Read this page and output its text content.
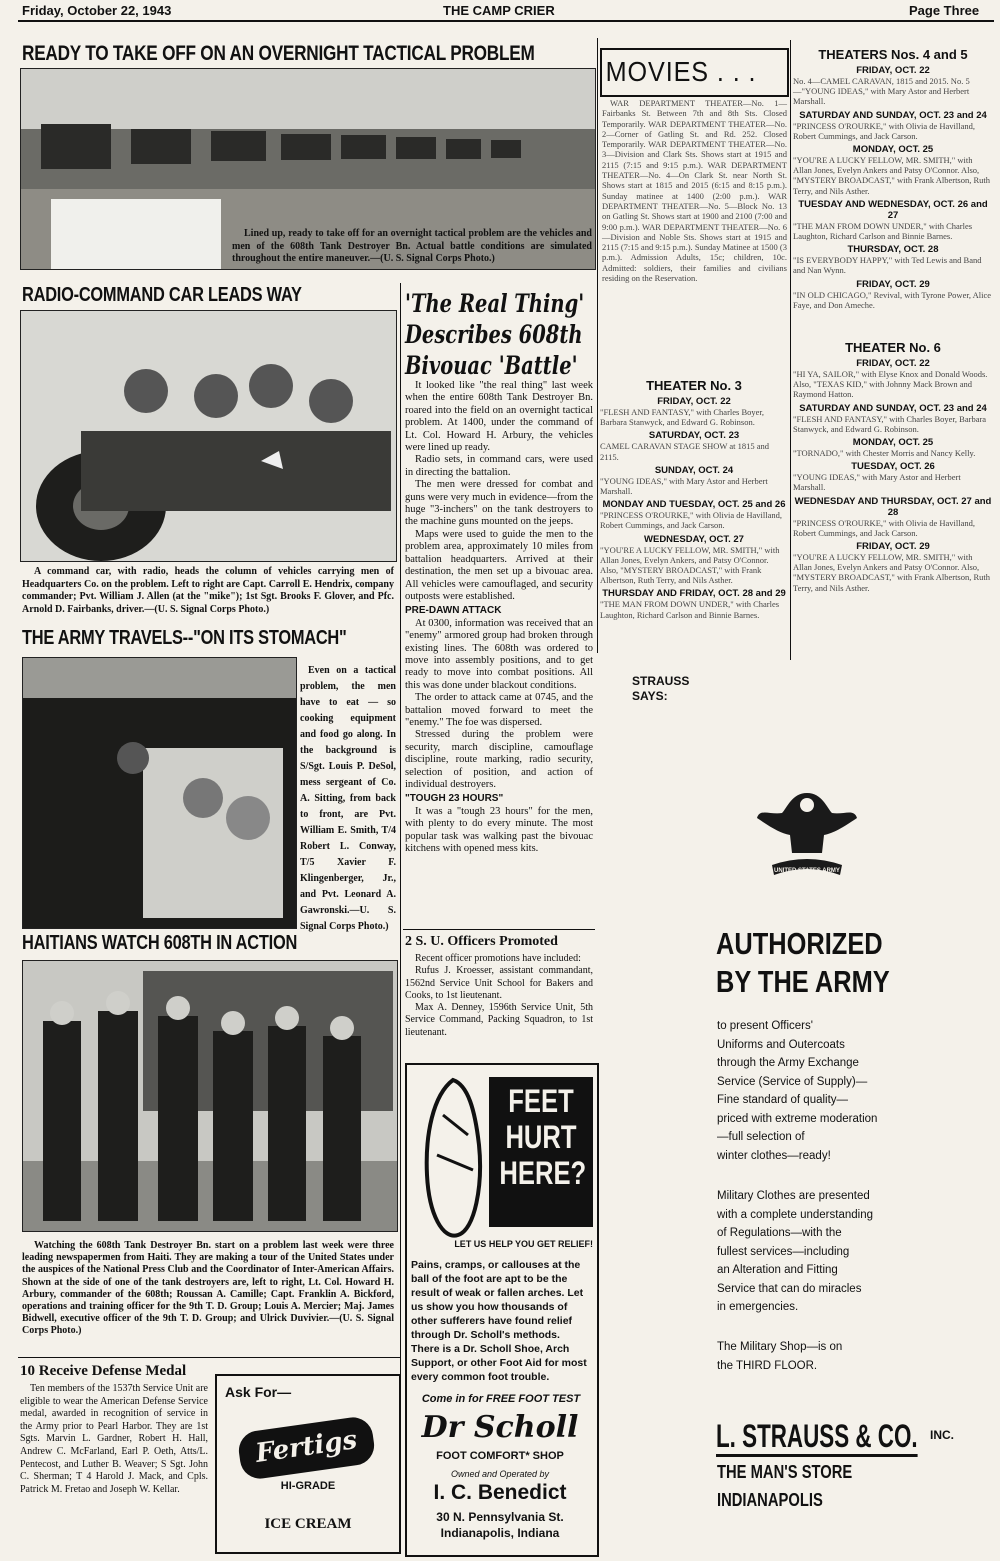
Friday, October 22, 1943	THE CAMP CRIER	Page Three
READY TO TAKE OFF ON AN OVERNIGHT TACTICAL PROBLEM
Lined up, ready to take off for an overnight tactical problem are the vehicles and men of the 608th Tank Destroyer Bn. Actual battle conditions are simulated throughout the entire maneuver.—(U. S. Signal Corps Photo.)
RADIO-COMMAND CAR LEADS WAY
A command car, with radio, heads the column of vehicles carrying men of Headquarters Co. on the problem. Left to right are Capt. Carroll E. Hendrix, company commander; Pvt. William J. Allen (at the "mike"); 1st Sgt. Brooks F. Glover, and Pfc. Arnold D. Fairbanks, driver.—(U. S. Signal Corps Photo.)
THE ARMY TRAVELS--"ON ITS STOMACH"
Even on a tactical problem, the men have to eat — so cooking equipment and food go along. In the background is S/Sgt. Louis P. DeSol, mess sergeant of Co. A. Sitting, from back to front, are Pvt. William E. Smith, T/4 Robert L. Conway, T/5 Xavier F. Klingenberger, Jr., and Pvt. Leonard A. Gawronski.—U. S. Signal Corps Photo.)
HAITIANS WATCH 608TH IN ACTION
Watching the 608th Tank Destroyer Bn. start on a problem last week were three leading newspapermen from Haiti. They are making a tour of the United States under the auspices of the National Press Club and the Coordinator of Inter-American Affairs. Shown at the side of one of the tank destroyers are, left to right, Lt. Col. Howard H. Arbury, commander of the 608th; Roussan A. Camille; Capt. Franklin A. Bickford, operations and training officer for the 9th T. D. Group; Louis A. Mercier; Maj. James Bidwell, executive officer of the 9th T. D. Group; and Ulrick Duvivier.—(U. S. Signal Corps Photo.)
10 Receive Defense Medal
Ten members of the 1537th Service Unit are eligible to wear the American Defense Service medal, awarded in recognition of service in the Army prior to Pearl Harbor. They are 1st Sgts. Marvin L. Gardner, Robert H. Hall, Andrew C. McFarland, Earl P. Oeth, Atts/L. Pentecost, and Luther B. Weaver; S Sgt. John C. Sherman; T 4 Harold J. Mack, and Cpls. Patrick M. Fretao and Joseph W. Kellar.
Ask For—
Fertigs
HI-GRADE
ICE CREAM
'The Real Thing'
Describes 608th
Bivouac 'Battle'

It looked like "the real thing" last week when the entire 608th Tank Destroyer Bn. roared into the field on an overnight tactical problem. At 1400, under the command of Lt. Col. Howard H. Arbury, the vehicles were lined up ready.

Radio sets, in command cars, were used in directing the battalion.

The men were dressed for combat and guns were very much in evidence—from the huge "3-inchers" on the tank destroyers to the machine guns mounted on the jeeps.

Maps were used to guide the men to the problem area, approximately 10 miles from battalion headquarters. Arrived at their destination, the men set up a bivouac area. All vehicles were camouflaged, and security outposts were established.

PRE-DAWN ATTACK

At 0300, information was received that an "enemy" armored group had broken through existing lines. The 608th was ordered to move into assembly positions, and to get ready to move into combat positions. All this was done under blackout conditions.

The order to attack came at 0745, and the battalion moved forward to meet the "enemy." The foe was dispersed.

Stressed during the problem were security, march discipline, camouflage discipline, route marking, radio security, selection of position, and action of individual destroyers.

"TOUGH 23 HOURS"

It was a "tough 23 hours" for the men, with plenty to do every minute. The most popular task was walking past the bivouac kitchens with opened mess kits.

2 S. U. Officers Promoted

Recent officer promotions have included:

Rufus J. Kroesser, assistant commandant, 1562nd Service Unit School for Bakers and Cooks, to 1st lieutenant.

Max A. Denney, 1596th Service Unit, 5th Service Command, Packing Squadron, to 1st lieutenant.

FEET
HURT
HERE?
LET US HELP YOU GET RELIEF!
Pains, cramps, or callouses at the ball of the foot are apt to be the result of weak or fallen arches. Let us show you how thousands of other sufferers have found relief through Dr. Scholl's methods. There is a Dr. Scholl Shoe, Arch Support, or other Foot Aid for most every common foot trouble.
Come in for FREE FOOT TEST
Dr Scholl
FOOT COMFORT* SHOP
Owned and Operated by
I. C. Benedict
30 N. Pennsylvania St.
Indianapolis, Indiana
MOVIES . . .
WAR DEPARTMENT THEATER—No. 1—Fairbanks St. Between 7th and 8th Sts. Closed Temporarily. WAR DEPARTMENT THEATER—No. 2—Corner of Gatling St. and Rd. 252. Closed Temporarily. WAR DEPARTMENT THEATER—No. 3—Division and Clark Sts. Shows start at 1915 and 2115 (7:15 and 9:15 p.m.). WAR DEPARTMENT THEATER—No. 4—On Clark St. near North St. Shows start at 1815 and 2015 (6:15 and 8:15 p.m.). Sunday matinee at 1400 (2:00 p.m.). WAR DEPARTMENT THEATER—No. 5—Block No. 13 on Gatling St. Shows start at 1900 and 2100 (7:00 and 9:00 p.m.). WAR DEPARTMENT THEATER—No. 6—Division and Noble Sts. Shows start at 1915 and 2115 (7:15 and 9:15 p.m.). Sunday Matinee at 1500 (3 p.m.). Admission Adults, 15c; children, 10c. Admitted: soldiers, their families and civilians residing on the Reservation.
THEATER No. 3
FRIDAY, OCT. 22
"FLESH AND FANTASY," with Charles Boyer, Barbara Stanwyck, and Edward G. Robinson.
SATURDAY, OCT. 23
CAMEL CARAVAN STAGE SHOW at 1815 and 2115.
SUNDAY, OCT. 24
"YOUNG IDEAS," with Mary Astor and Herbert Marshall.
MONDAY AND TUESDAY, OCT. 25 and 26
"PRINCESS O'ROURKE," with Olivia de Havilland, Robert Cummings, and Jack Carson.
WEDNESDAY, OCT. 27
"YOU'RE A LUCKY FELLOW, MR. SMITH," with Allan Jones, Evelyn Ankers, and Patsy O'Connor. Also, "MYSTERY BROADCAST," with Frank Albertson, Ruth Terry, and Nils Asther.
THURSDAY AND FRIDAY, OCT. 28 and 29
"THE MAN FROM DOWN UNDER," with Charles Laughton, Richard Carlson and Binnie Barnes.
THEATERS Nos. 4 and 5
FRIDAY, OCT. 22
No. 4—CAMEL CARAVAN, 1815 and 2015. No. 5—"YOUNG IDEAS," with Mary Astor and Herbert Marshall.
SATURDAY AND SUNDAY, OCT. 23 and 24
"PRINCESS O'ROURKE," with Olivia de Havilland, Robert Cummings, and Jack Carson.
MONDAY, OCT. 25
"YOU'RE A LUCKY FELLOW, MR. SMITH," with Allan Jones, Evelyn Ankers and Patsy O'Connor. Also, "MYSTERY BROADCAST," with Frank Albertson, Ruth Terry, and Nils Asther.
TUESDAY AND WEDNESDAY, OCT. 26 and 27
"THE MAN FROM DOWN UNDER," with Charles Laughton, Richard Carlson and Binnie Barnes.
THURSDAY, OCT. 28
"IS EVERYBODY HAPPY," with Ted Lewis and Band and Nan Wynn.
FRIDAY, OCT. 29
"IN OLD CHICAGO," Revival, with Tyrone Power, Alice Faye, and Don Ameche.
THEATER No. 6
FRIDAY, OCT. 22
"HI YA, SAILOR," with Elyse Knox and Donald Woods. Also, "TEXAS KID," with Johnny Mack Brown and Raymond Hatton.
SATURDAY AND SUNDAY, OCT. 23 and 24
"FLESH AND FANTASY," with Charles Boyer, Barbara Stanwyck, and Edward G. Robinson.
MONDAY, OCT. 25
"TORNADO," with Chester Morris and Nancy Kelly.
TUESDAY, OCT. 26
"YOUNG IDEAS," with Mary Astor and Herbert Marshall.
WEDNESDAY AND THURSDAY, OCT. 27 and 28
"PRINCESS O'ROURKE," with Olivia de Havilland, Robert Cummings, and Jack Carson.
FRIDAY, OCT. 29
"YOU'RE A LUCKY FELLOW, MR. SMITH," with Allan Jones, Evelyn Ankers and Patsy O'Connor. Also, "MYSTERY BROADCAST," with Frank Albertson, Ruth Terry, and Nils Asther.
STRAUSS SAYS:
UNITED STATES ARMY
AUTHORIZED
BY THE ARMY
to present Officers'
Uniforms and Outercoats
through the Army Exchange
Service (Service of Supply)—
Fine standard of quality—
priced with extreme moderation
—full selection of
winter clothes—ready!
Military Clothes are presented
with a complete understanding
of Regulations—with the
fullest services—including
an Alteration and Fitting
Service that can do miracles
in emergencies.
The Military Shop—is on
the THIRD FLOOR.
L. STRAUSS & CO. INC.
THE MAN'S STORE
INDIANAPOLIS
